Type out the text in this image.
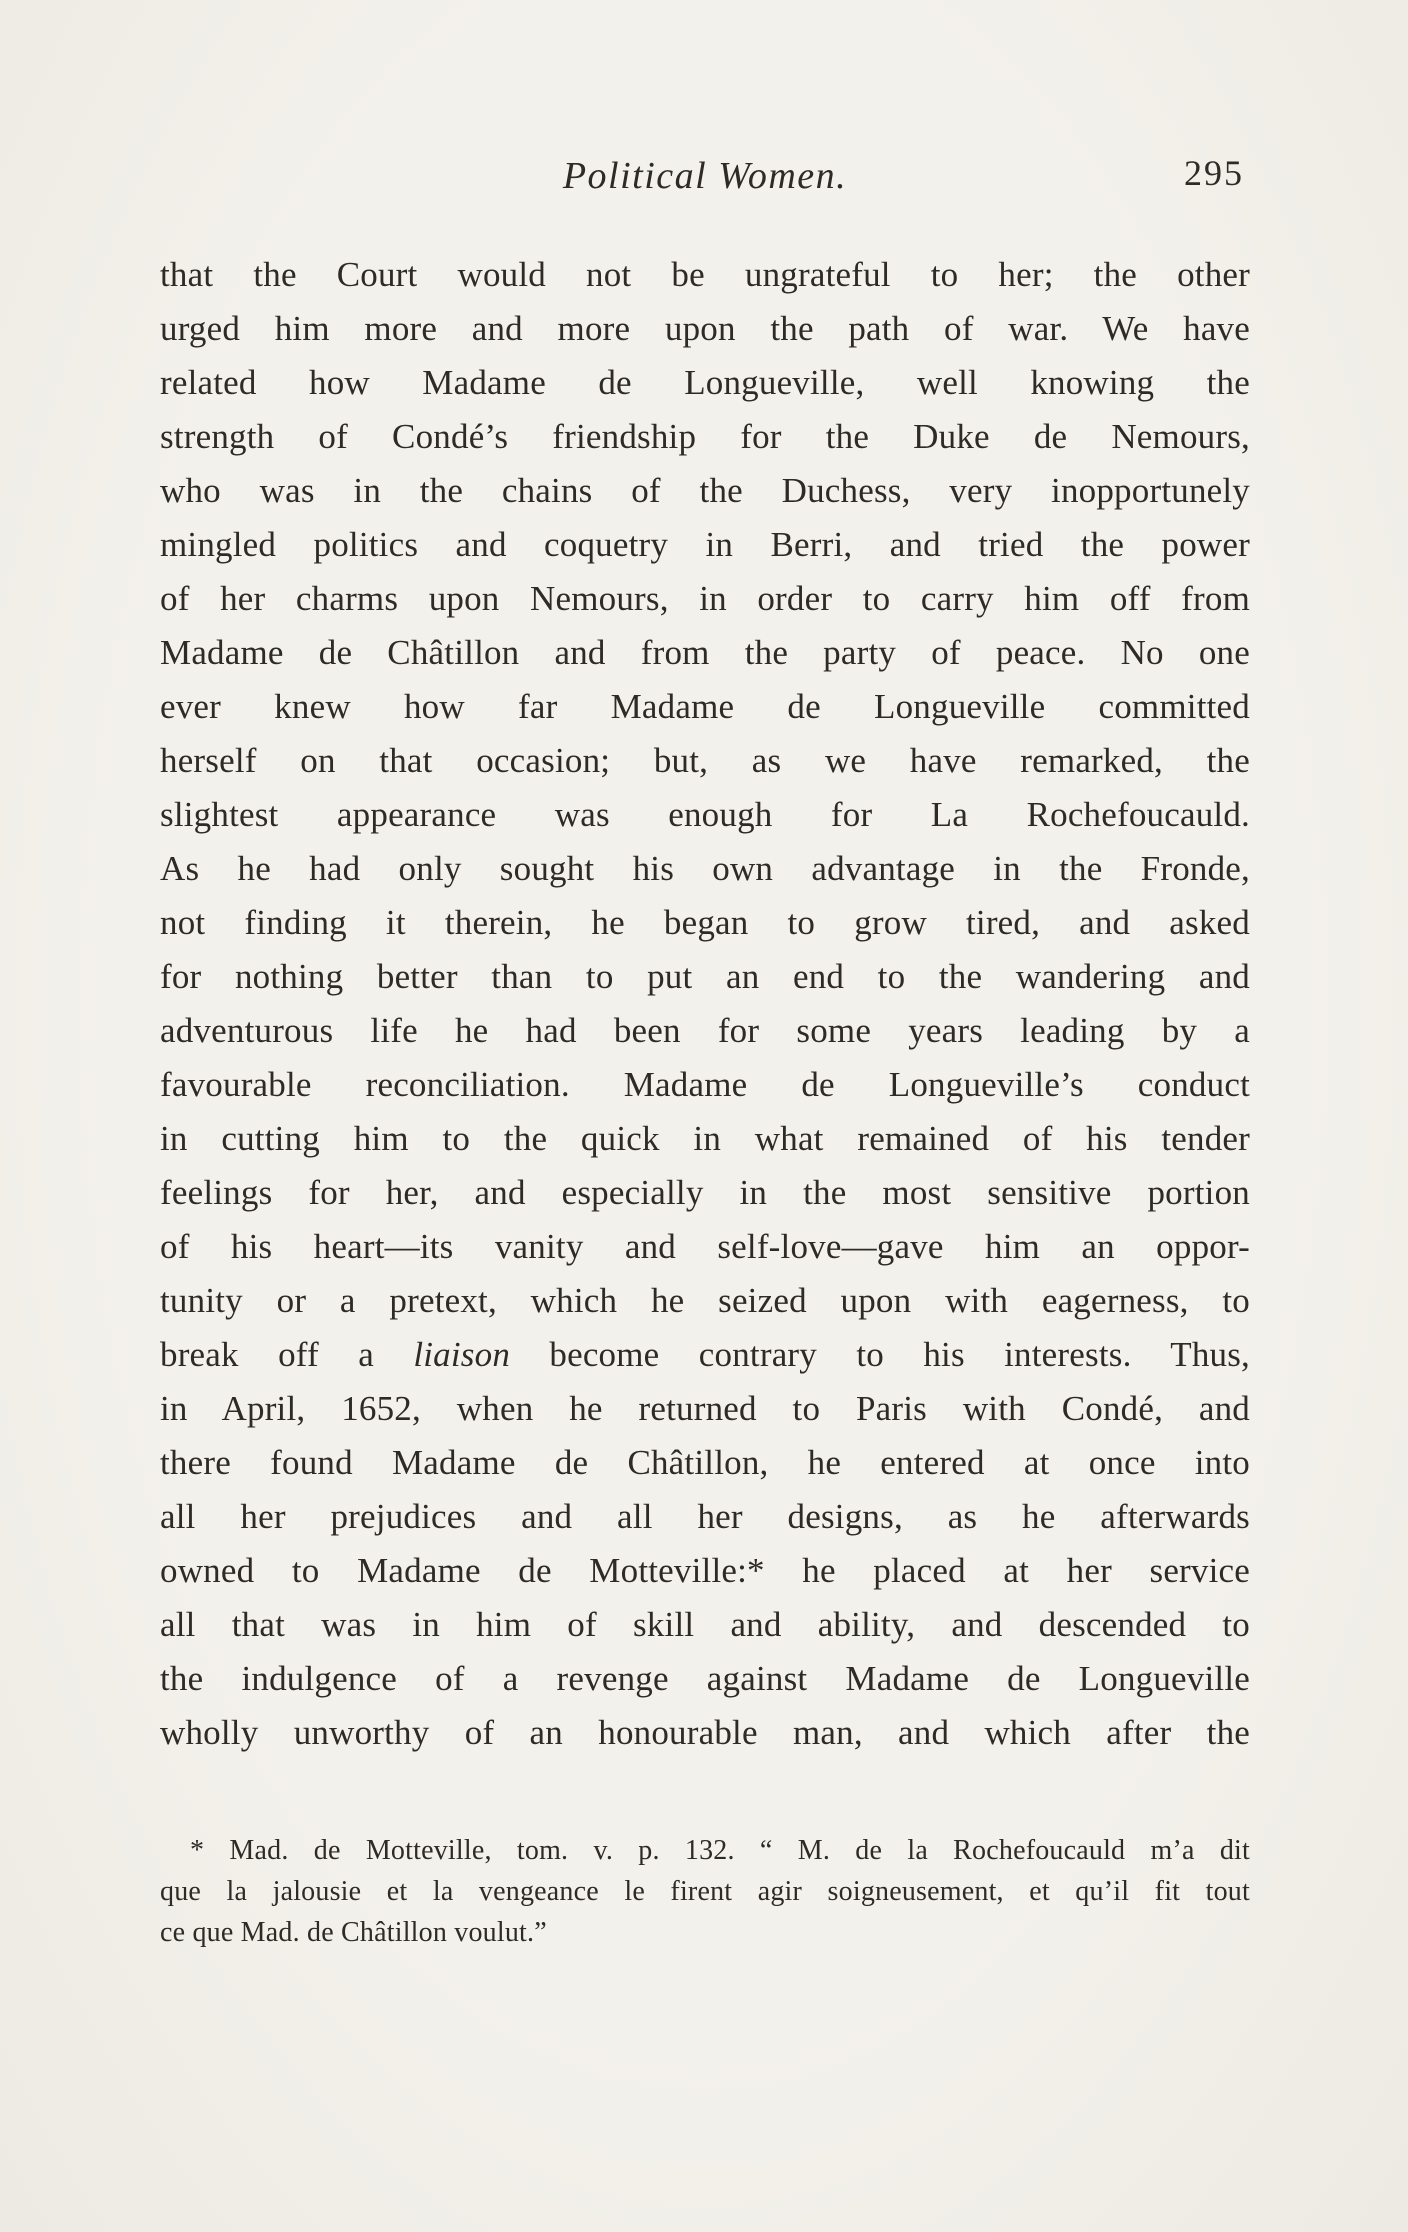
Political Women.	295
that the Court would not be ungrateful to her; the other
urged him more and more upon the path of war. We have
related how Madame de Longueville, well knowing the
strength of Condé’s friendship for the Duke de Nemours,
who was in the chains of the Duchess, very inopportunely
mingled politics and coquetry in Berri, and tried the power
of her charms upon Nemours, in order to carry him off from
Madame de Châtillon and from the party of peace. No one
ever knew how far Madame de Longueville committed
herself on that occasion; but, as we have remarked, the
slightest appearance was enough for La Rochefoucauld.
As he had only sought his own advantage in the Fronde,
not finding it therein, he began to grow tired, and asked
for nothing better than to put an end to the wandering and
adventurous life he had been for some years leading by a
favourable reconciliation. Madame de Longueville’s conduct
in cutting him to the quick in what remained of his tender
feelings for her, and especially in the most sensitive portion
of his heart—its vanity and self-love—gave him an oppor-
tunity or a pretext, which he seized upon with eagerness, to
break off a liaison become contrary to his interests. Thus,
in April, 1652, when he returned to Paris with Condé, and
there found Madame de Châtillon, he entered at once into
all her prejudices and all her designs, as he afterwards
owned to Madame de Motteville:* he placed at her service
all that was in him of skill and ability, and descended to
the indulgence of a revenge against Madame de Longueville
wholly unworthy of an honourable man, and which after the
* Mad. de Motteville, tom. v. p. 132. “ M. de la Rochefoucauld m’a dit
que la jalousie et la vengeance le firent agir soigneusement, et qu’il fit tout
ce que Mad. de Châtillon voulut.”
